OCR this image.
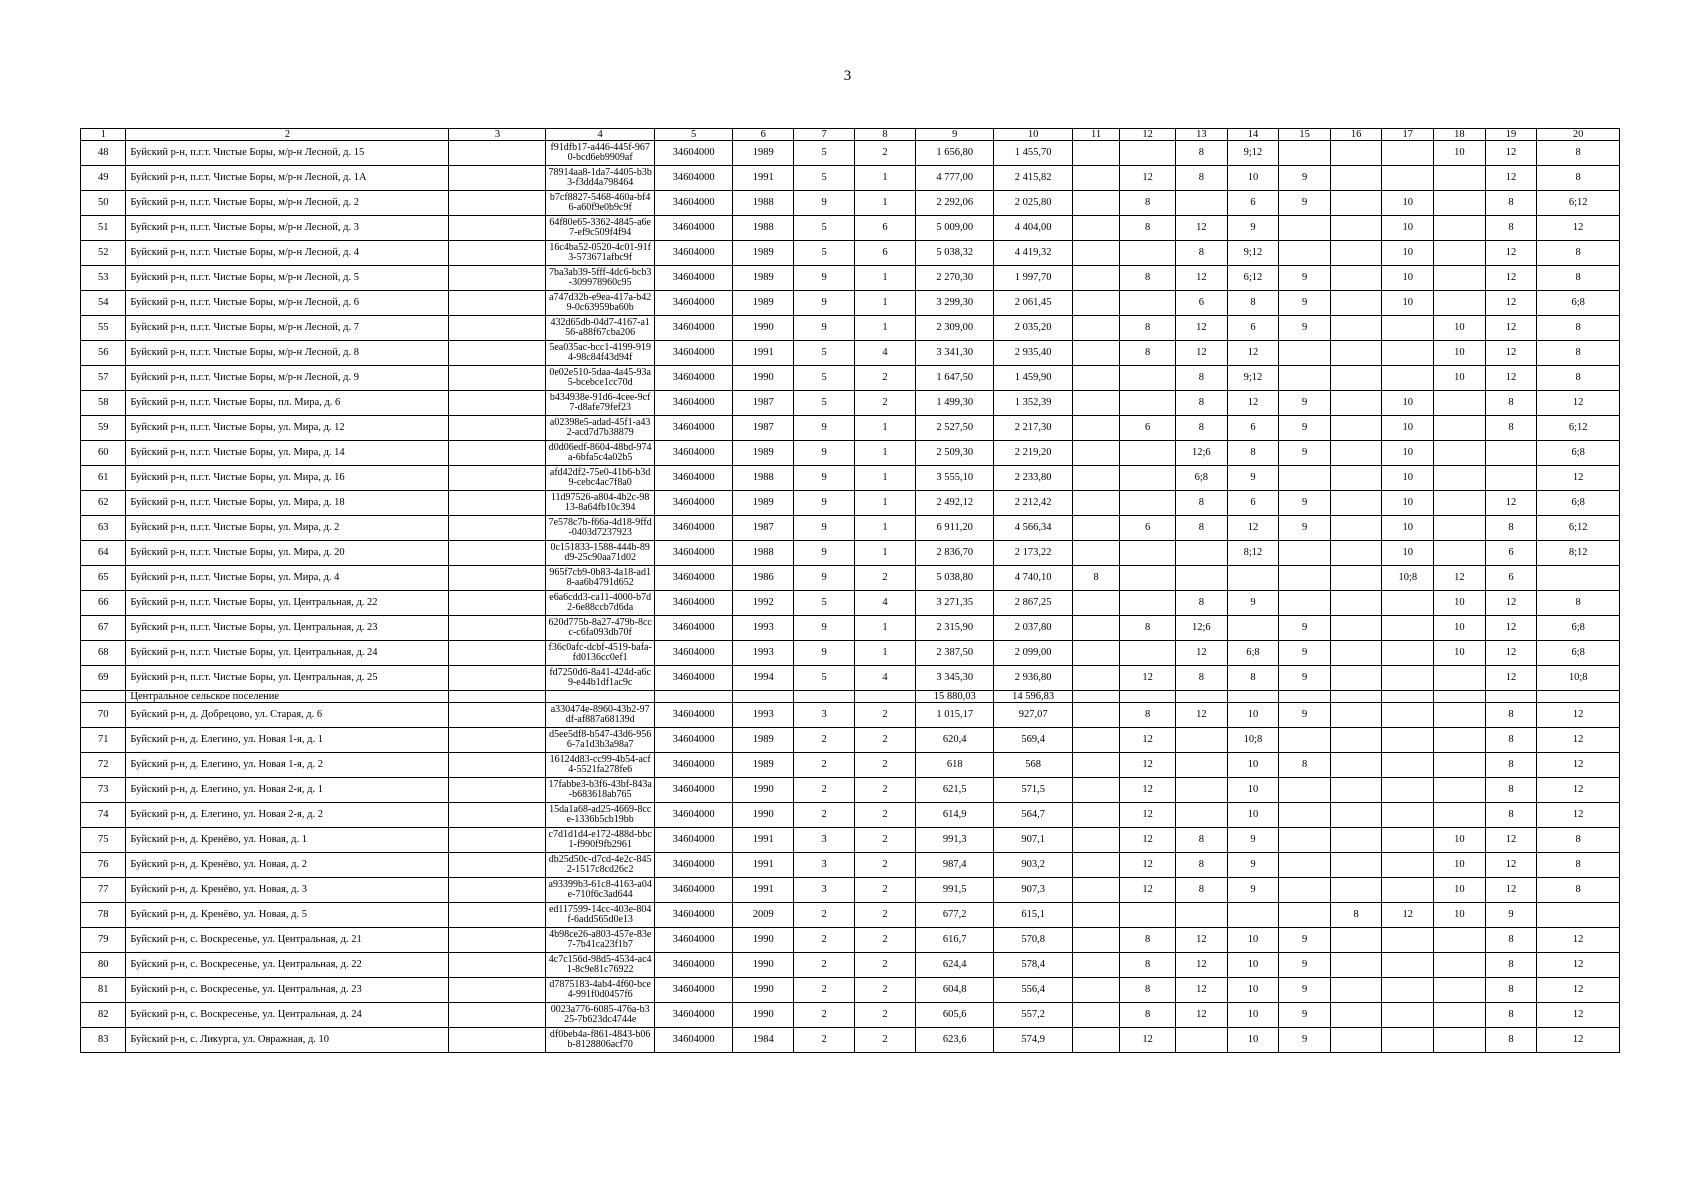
3
1	2	3	4	5	6	7	8	9	10	11	12	13	14	15	16	17	18	19	20
48	Буйский р-н, п.г.т. Чистые Боры, м/р-н Лесной, д. 15		f91dfb17-a446-445f-9670-bcd6eb9909af	34604000	1989	5	2	1 656,80	1 455,70			8	9;12				10	12	8
49	Буйский р-н, п.г.т. Чистые Боры, м/р-н Лесной, д. 1А		78914aa8-1da7-4405-b3b3-f3dd4a798464	34604000	1991	5	1	4 777,00	2 415,82		12	8	10	9				12	8
50	Буйский р-н, п.г.т. Чистые Боры, м/р-н Лесной, д. 2		b7cf8827-5468-460a-bf46-a60f9e0b9c9f	34604000	1988	9	1	2 292,06	2 025,80		8		6	9		10		8	6;12
51	Буйский р-н, п.г.т. Чистые Боры, м/р-н Лесной, д. 3		64f80e65-3362-4845-a6e7-ef9c509f4f94	34604000	1988	5	6	5 009,00	4 404,00		8	12	9			10		8	12
52	Буйский р-н, п.г.т. Чистые Боры, м/р-н Лесной, д. 4		16c4ba52-0520-4c01-91f3-573671afbc9f	34604000	1989	5	6	5 038,32	4 419,32			8	9;12			10		12	8
53	Буйский р-н, п.г.т. Чистые Боры, м/р-н Лесной, д. 5		7ba3ab39-5fff-4dc6-bcb3-309978960c95	34604000	1989	9	1	2 270,30	1 997,70		8	12	6;12	9		10		12	8
54	Буйский р-н, п.г.т. Чистые Боры, м/р-н Лесной, д. 6		a747d32b-e9ea-417a-b429-0c63959ba60b	34604000	1989	9	1	3 299,30	2 061,45			6	8	9		10		12	6;8
55	Буйский р-н, п.г.т. Чистые Боры, м/р-н Лесной, д. 7		432d65db-04d7-4167-a156-a88f67cba206	34604000	1990	9	1	2 309,00	2 035,20		8	12	6	9			10	12	8
56	Буйский р-н, п.г.т. Чистые Боры, м/р-н Лесной, д. 8		5ea035ac-bcc1-4199-9194-98c84f43d94f	34604000	1991	5	4	3 341,30	2 935,40		8	12	12				10	12	8
57	Буйский р-н, п.г.т. Чистые Боры, м/р-н Лесной, д. 9		0e02e510-5daa-4a45-93a5-bcebce1cc70d	34604000	1990	5	2	1 647,50	1 459,90			8	9;12				10	12	8
58	Буйский р-н, п.г.т. Чистые Боры, пл. Мира, д. 6		b434938e-91d6-4cee-9cf7-d8afe79fef23	34604000	1987	5	2	1 499,30	1 352,39			8	12	9		10		8	12
59	Буйский р-н, п.г.т. Чистые Боры, ул. Мира, д. 12		a02398e5-adad-45f1-a432-acd7d7b38879	34604000	1987	9	1	2 527,50	2 217,30		6	8	6	9		10		8	6;12
60	Буйский р-н, п.г.т. Чистые Боры, ул. Мира, д. 14		d0d06edf-8604-48bd-974a-6bfa5c4a02b5	34604000	1989	9	1	2 509,30	2 219,20			12;6	8	9		10			6;8
61	Буйский р-н, п.г.т. Чистые Боры, ул. Мира, д. 16		afd42df2-75e0-41b6-b3d9-cebc4ac7f8a0	34604000	1988	9	1	3 555,10	2 233,80			6;8	9			10			12
62	Буйский р-н, п.г.т. Чистые Боры, ул. Мира, д. 18		11d97526-a804-4b2c-9813-8a64fb10c394	34604000	1989	9	1	2 492,12	2 212,42			8	6	9		10		12	6;8
63	Буйский р-н, п.г.т. Чистые Боры, ул. Мира, д. 2		7e578c7b-f66a-4d18-9ffd-0403d7237923	34604000	1987	9	1	6 911,20	4 566,34		6	8	12	9		10		8	6;12
64	Буйский р-н, п.г.т. Чистые Боры, ул. Мира, д. 20		0c151833-1588-444b-89d9-25c90aa71d02	34604000	1988	9	1	2 836,70	2 173,22				8;12			10		6	8;12
65	Буйский р-н, п.г.т. Чистые Боры, ул. Мира, д. 4		965f7cb9-0b83-4a18-ad18-aa6b4791d652	34604000	1986	9	2	5 038,80	4 740,10	8						10;8	12	6	
66	Буйский р-н, п.г.т. Чистые Боры, ул. Центральная, д. 22		e6a6cdd3-ca11-4000-b7d2-6e88ccb7d6da	34604000	1992	5	4	3 271,35	2 867,25			8	9				10	12	8
67	Буйский р-н, п.г.т. Чистые Боры, ул. Центральная, д. 23		620d775b-8a27-479b-8ccc-c6fa093db70f	34604000	1993	9	1	2 315,90	2 037,80		8	12;6		9			10	12	6;8
68	Буйский р-н, п.г.т. Чистые Боры, ул. Центральная, д. 24		f36c0afc-dcbf-4519-bafa-fd0136cc0ef1	34604000	1993	9	1	2 387,50	2 099,00			12	6;8	9			10	12	6;8
69	Буйский р-н, п.г.т. Чистые Боры, ул. Центральная, д. 25		fd7250d6-8a41-424d-a6c9-e44b1df1ac9c	34604000	1994	5	4	3 345,30	2 936,80		12	8	8	9				12	10;8
	Центральное сельское поселение							15 880,03	14 596,83										
70	Буйский р-н, д. Добрецово, ул. Старая, д. 6		a330474e-8960-43b2-97df-af887a68139d	34604000	1993	3	2	1 015,17	927,07		8	12	10	9				8	12
71	Буйский р-н, д. Елегино, ул. Новая 1-я, д. 1		d5ee5df8-b547-43d6-9566-7a1d3b3a98a7	34604000	1989	2	2	620,4	569,4		12		10;8					8	12
72	Буйский р-н, д. Елегино, ул. Новая 1-я, д. 2		16124d83-cc99-4b54-acf4-5521fa278fe6	34604000	1989	2	2	618	568		12		10	8				8	12
73	Буйский р-н, д. Елегино, ул. Новая 2-я, д. 1		17fabbe3-b3f6-43bf-843a-b683618ab765	34604000	1990	2	2	621,5	571,5		12		10					8	12
74	Буйский р-н, д. Елегино, ул. Новая 2-я, д. 2		15da1a68-ad25-4669-8cce-1336b5cb19bb	34604000	1990	2	2	614,9	564,7		12		10					8	12
75	Буйский р-н, д. Кренёво, ул. Новая, д. 1		c7d1d1d4-e172-488d-bbc1-f990f9fb2961	34604000	1991	3	2	991,3	907,1		12	8	9				10	12	8
76	Буйский р-н, д. Кренёво, ул. Новая, д. 2		db25d50c-d7cd-4e2c-8452-1517c8cd26c2	34604000	1991	3	2	987,4	903,2		12	8	9				10	12	8
77	Буйский р-н, д. Кренёво, ул. Новая, д. 3		a93399b3-61c8-4163-a04e-710f6c3ad644	34604000	1991	3	2	991,5	907,3		12	8	9				10	12	8
78	Буйский р-н, д. Кренёво, ул. Новая, д. 5		ed117599-14cc-403e-804f-6add565d0e13	34604000	2009	2	2	677,2	615,1						8	12	10	9	
79	Буйский р-н, с. Воскресенье, ул. Центральная, д. 21		4b98ce26-a803-457e-83e7-7b41ca23f1b7	34604000	1990	2	2	616,7	570,8		8	12	10	9				8	12
80	Буйский р-н, с. Воскресенье, ул. Центральная, д. 22		4c7c156d-98d5-4534-ac41-8c9e81c76922	34604000	1990	2	2	624,4	578,4		8	12	10	9				8	12
81	Буйский р-н, с. Воскресенье, ул. Центральная, д. 23		d7875183-4ab4-4f60-bce4-991f0d0457f6	34604000	1990	2	2	604,8	556,4		8	12	10	9				8	12
82	Буйский р-н, с. Воскресенье, ул. Центральная, д. 24		0023a776-6085-476a-b325-7b623dc4744e	34604000	1990	2	2	605,6	557,2		8	12	10	9				8	12
83	Буйский р-н, с. Ликурга, ул. Овражная, д. 10		df0beb4a-f861-4843-b06b-8128806acf70	34604000	1984	2	2	623,6	574,9		12		10	9				8	12
